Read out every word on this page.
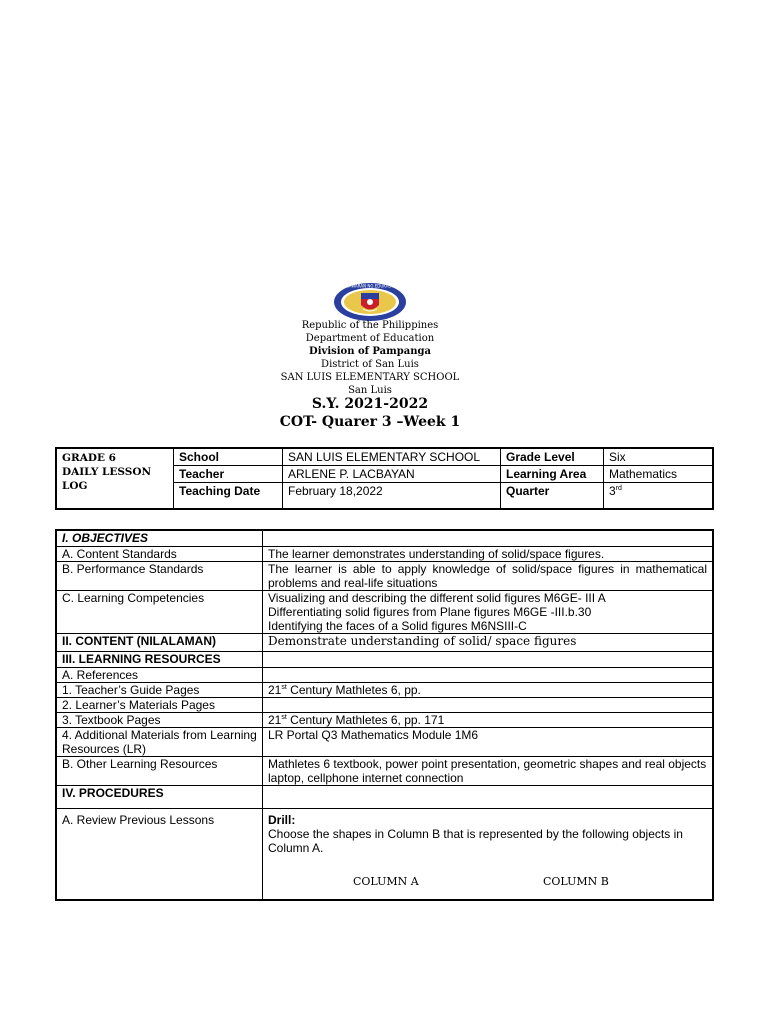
KAGAWARAN NG EDUKASYON
Republic of the Philippines
Department of Education
Division of Pampanga
District of San Luis
SAN LUIS ELEMENTARY SCHOOL
San Luis
S.Y. 2021-2022
COT- Quarer 3 –Week 1
GRADE 6
DAILY LESSON
LOG	School	SAN LUIS ELEMENTARY SCHOOL	Grade Level	Six
	Teacher	ARLENE P. LACBAYAN	Learning Area	Mathematics
	Teaching Date	February 18,2022	Quarter	3rd
I. OBJECTIVES	
A. Content Standards	The learner demonstrates understanding of solid/space figures.
B. Performance Standards	The learner is able to apply knowledge of solid/space figures in mathematical problems and real-life situations
C. Learning Competencies	Visualizing and describing the different solid figures M6GE- III A
Differentiating solid figures from Plane figures M6GE -III.b.30
Identifying the faces of a Solid figures M6NSIII-C

II. CONTENT (NILALAMAN)	Demonstrate understanding of solid/ space figures
III. LEARNING RESOURCES	
A. References	
1. Teacher’s Guide Pages	21st Century Mathletes 6, pp.
2. Learner’s Materials Pages	
3. Textbook Pages	21st Century Mathletes 6, pp. 171
4. Additional Materials from Learning Resources (LR)	LR Portal Q3 Mathematics Module 1M6
B. Other Learning Resources	Mathletes 6 textbook, power point presentation, geometric shapes and real objects laptop, cellphone internet connection
IV. PROCEDURES	
A. Review Previous Lessons	Drill:
Choose the shapes in Column B that is represented by the following objects in Column A.
COLUMN A COLUMN B
